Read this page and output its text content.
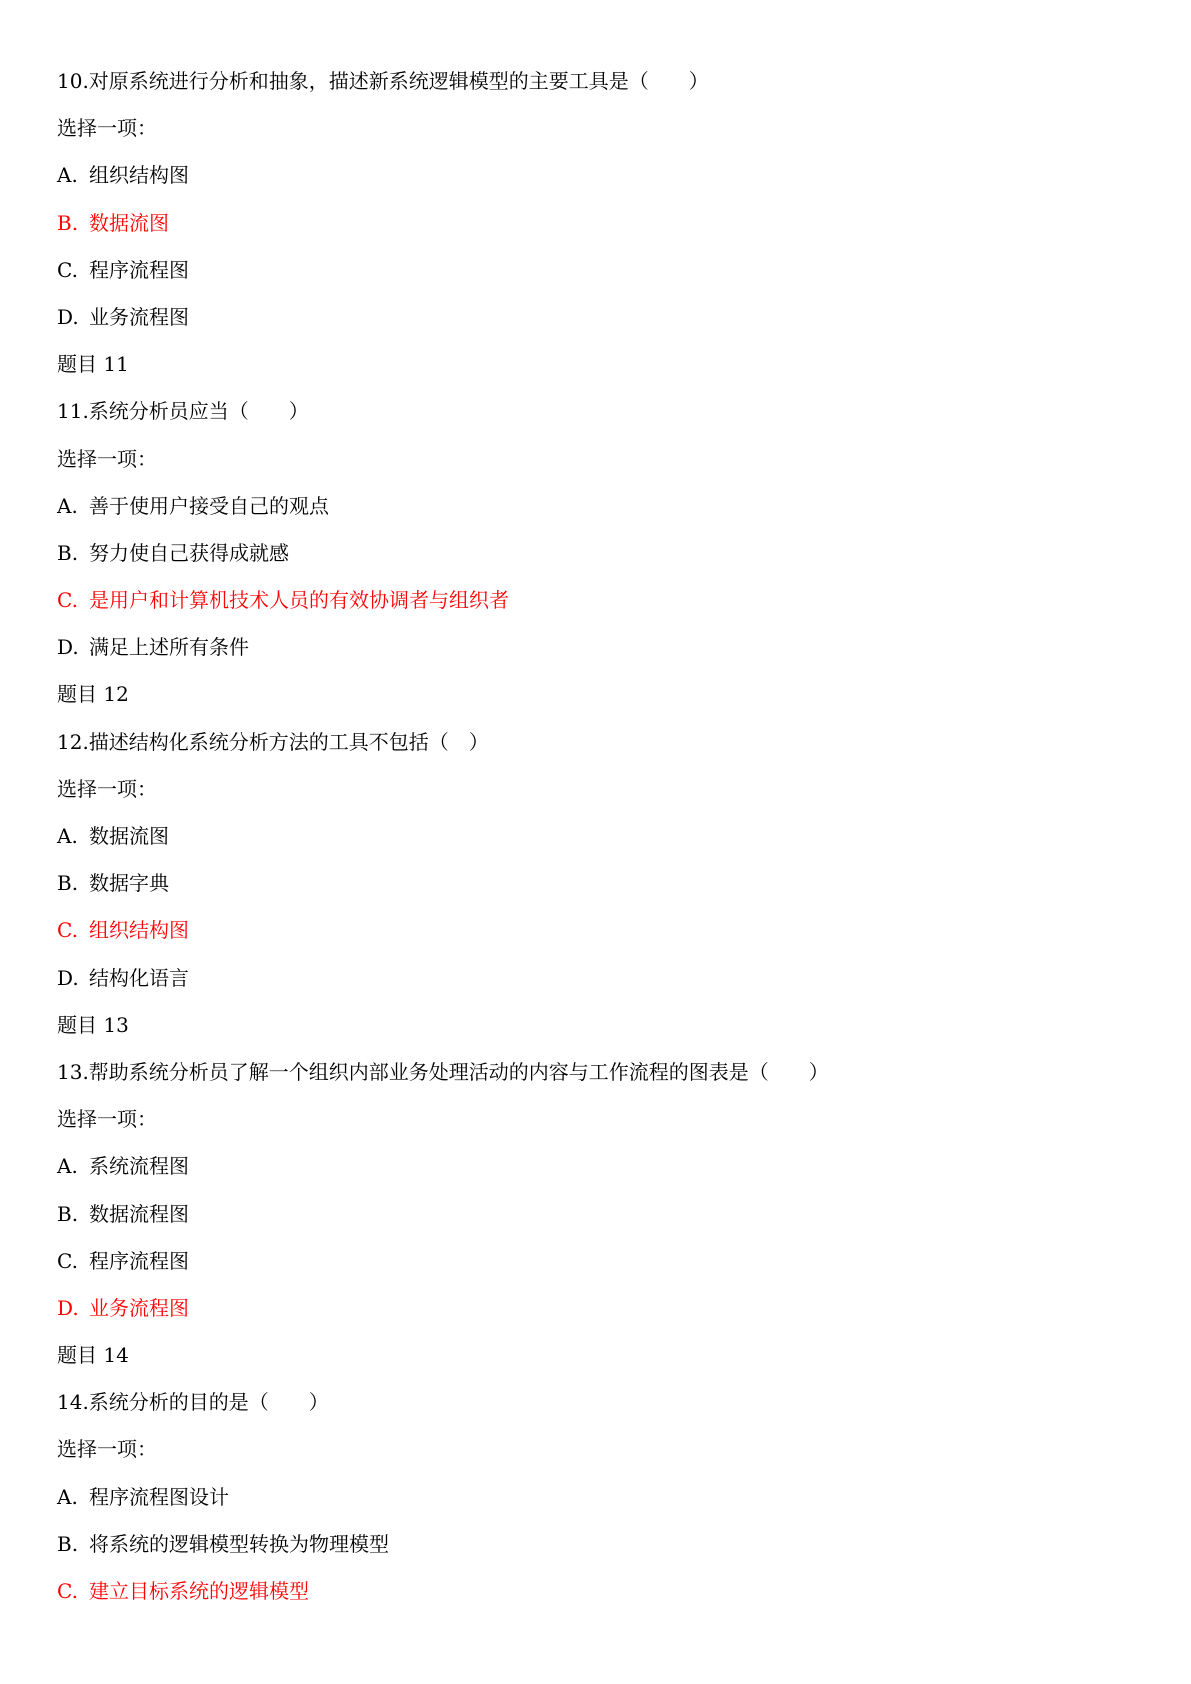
10.对原系统进行分析和抽象，描述新系统逻辑模型的主要工具是（　　）
选择一项：
A. 组织结构图
B. 数据流图
C. 程序流程图
D. 业务流程图
题目 11
11.系统分析员应当（　　）
选择一项：
A. 善于使用户接受自己的观点
B. 努力使自己获得成就感
C. 是用户和计算机技术人员的有效协调者与组织者
D. 满足上述所有条件
题目 12
12.描述结构化系统分析方法的工具不包括（　）
选择一项：
A. 数据流图
B. 数据字典
C. 组织结构图
D. 结构化语言
题目 13
13.帮助系统分析员了解一个组织内部业务处理活动的内容与工作流程的图表是（　　）
选择一项：
A. 系统流程图
B. 数据流程图
C. 程序流程图
D. 业务流程图
题目 14
14.系统分析的目的是（　　）
选择一项：
A. 程序流程图设计
B. 将系统的逻辑模型转换为物理模型
C. 建立目标系统的逻辑模型
